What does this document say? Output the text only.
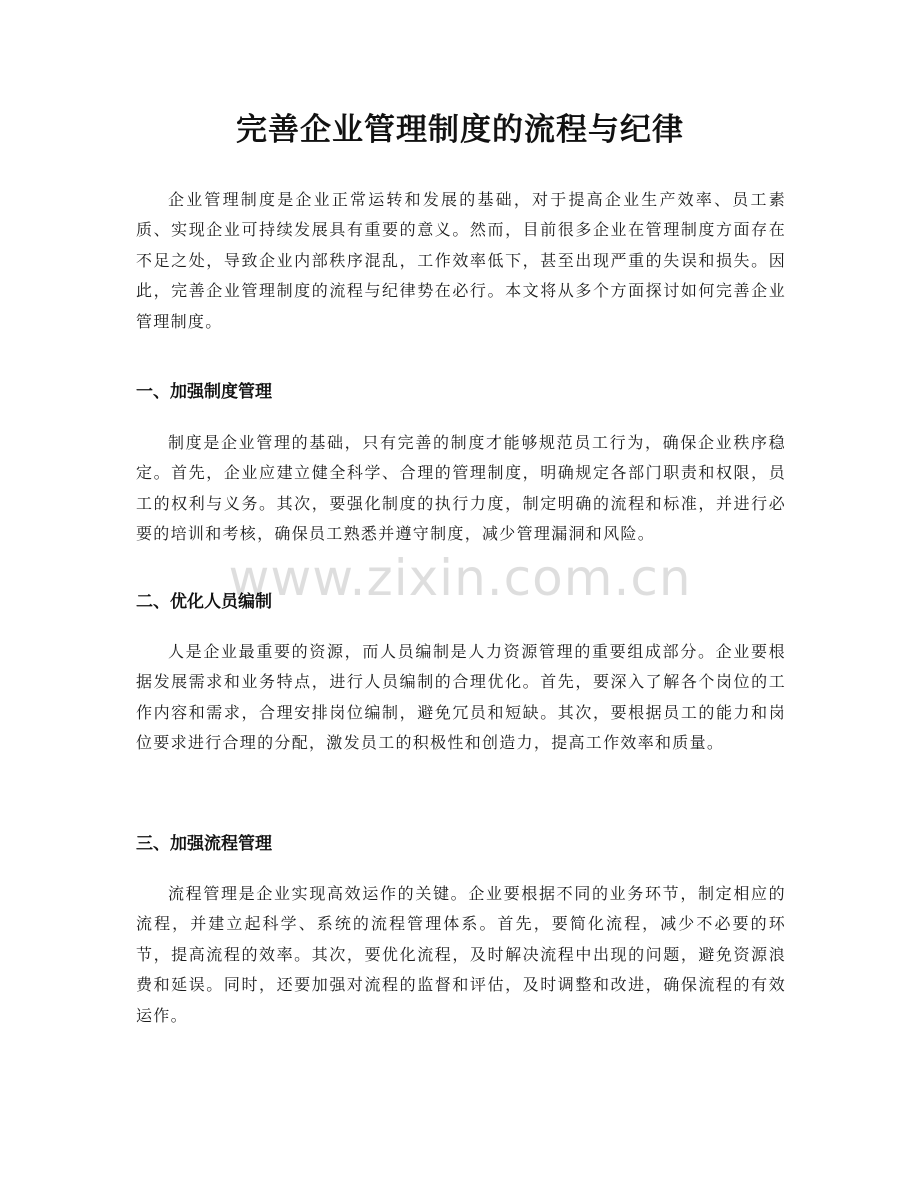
完善企业管理制度的流程与纪律

企业管理制度是企业正常运转和发展的基础，对于提高企业生产效率、员工素质、实现企业可持续发展具有重要的意义。然而，目前很多企业在管理制度方面存在不足之处，导致企业内部秩序混乱，工作效率低下，甚至出现严重的失误和损失。因此，完善企业管理制度的流程与纪律势在必行。本文将从多个方面探讨如何完善企业管理制度。

一、加强制度管理

制度是企业管理的基础，只有完善的制度才能够规范员工行为，确保企业秩序稳定。首先，企业应建立健全科学、合理的管理制度，明确规定各部门职责和权限，员工的权利与义务。其次，要强化制度的执行力度，制定明确的流程和标准，并进行必要的培训和考核，确保员工熟悉并遵守制度，减少管理漏洞和风险。

二、优化人员编制

人是企业最重要的资源，而人员编制是人力资源管理的重要组成部分。企业要根据发展需求和业务特点，进行人员编制的合理优化。首先，要深入了解各个岗位的工作内容和需求，合理安排岗位编制，避免冗员和短缺。其次，要根据员工的能力和岗位要求进行合理的分配，激发员工的积极性和创造力，提高工作效率和质量。

三、加强流程管理

流程管理是企业实现高效运作的关键。企业要根据不同的业务环节，制定相应的流程，并建立起科学、系统的流程管理体系。首先，要简化流程，减少不必要的环节，提高流程的效率。其次，要优化流程，及时解决流程中出现的问题，避免资源浪费和延误。同时，还要加强对流程的监督和评估，及时调整和改进，确保流程的有效运作。

www.zixin.com.cn
